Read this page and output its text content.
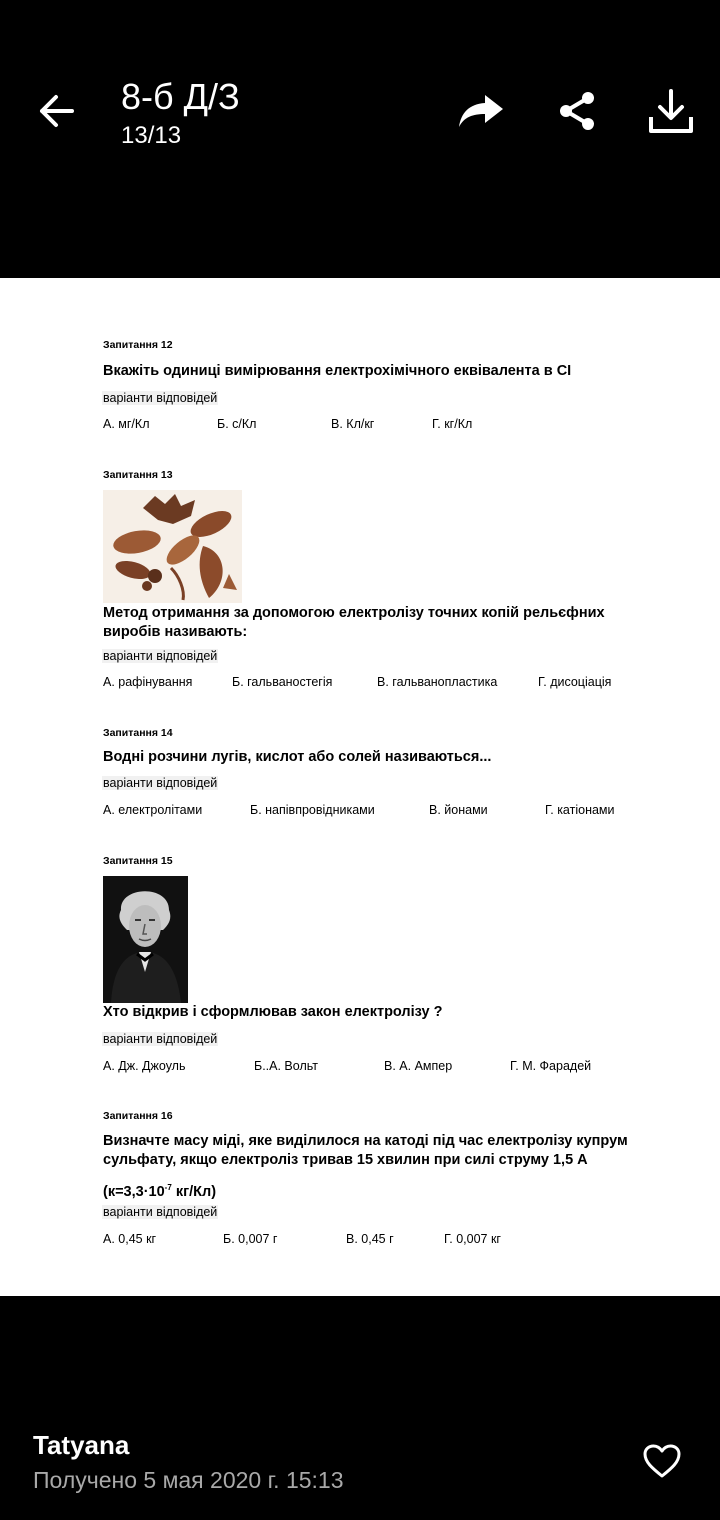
8-б Д/З
13/13
Запитання 12
Вкажіть одиниці вимірювання електрохімічного еквівалента в СІ
варіанти відповідей
А. мг/Кл	Б. с/Кл	В. Кл/кг	Г. кг/Кл
Запитання 13
Метод отримання за допомогою електролізу точних копій рельєфних виробів називають:
варіанти відповідей
А. рафінування	Б. гальваностегія	В. гальванопластика	Г. дисоціація
Запитання 14
Водні розчини лугів, кислот або солей називаються...
варіанти відповідей
А. електролітами	Б. напівпровідниками	В. йонами	Г. катіонами
Запитання 15
Хто відкрив і сформлював закон електролізу ?
варіанти відповідей
А. Дж. Джоуль	Б..А. Вольт	В. А. Ампер	Г. М. Фарадей
Запитання 16
Визначте масу міді, яке виділилося на катоді під час електролізу купрум сульфату, якщо електроліз тривав 15 хвилин при силі струму 1,5 А
($к=3,3\cdot 10^{-7}$ кг/Кл)
варіанти відповідей
А. 0,45 кг	Б. 0,007 г	В. 0,45 г	Г. 0,007 кг
Tatyana
Получено 5 мая 2020 г. 15:13
